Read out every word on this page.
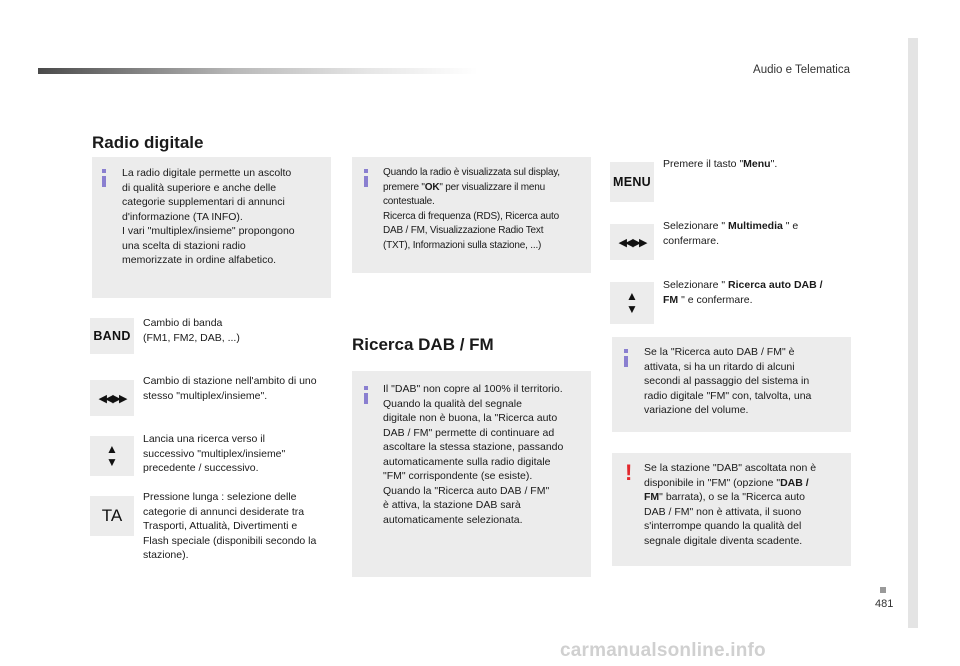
Audio e Telematica
481
carmanualsonline.info
Radio digitale
La radio digitale permette un ascolto
di qualità superiore e anche delle
categorie supplementari di annunci
d'informazione (TA INFO).
I vari "multiplex/insieme" propongono
una scelta di stazioni radio
memorizzate in ordine alfabetico.
BAND
Cambio di banda
(FM1, FM2, DAB, ...)
◀◀ ▶▶
Cambio di stazione nell'ambito di uno
stesso "multiplex/insieme".
▲
▼
Lancia una ricerca verso il
successivo "multiplex/insieme"
precedente / successivo.
TA
Pressione lunga : selezione delle
categorie di annunci desiderate tra
Trasporti, Attualità, Divertimenti e
Flash speciale (disponibili secondo la
stazione).
Quando la radio è visualizzata sul display,
premere "OK" per visualizzare il menu
contestuale.
Ricerca di frequenza (RDS), Ricerca auto
DAB / FM, Visualizzazione Radio Text
(TXT), Informazioni sulla stazione, ...)
Ricerca DAB / FM
Il "DAB" non copre al 100% il territorio.
Quando la qualità del segnale
digitale non è buona, la "Ricerca auto
DAB / FM" permette di continuare ad
ascoltare la stessa stazione, passando
automaticamente sulla radio digitale
"FM" corrispondente (se esiste).
Quando la "Ricerca auto DAB / FM"
è attiva, la stazione DAB sarà
automaticamente selezionata.
MENU
Premere il tasto "Menu".
◀◀ ▶▶
Selezionare " Multimedia " e
confermare.
▲
▼
Selezionare " Ricerca auto DAB /
FM " e confermare.
Se la "Ricerca auto DAB / FM" è
attivata, si ha un ritardo di alcuni
secondi al passaggio del sistema in
radio digitale "FM" con, talvolta, una
variazione del volume.
! Se la stazione "DAB" ascoltata non è
disponibile in "FM" (opzione "DAB /
FM" barrata), o se la "Ricerca auto
DAB / FM" non è attivata, il suono
s'interrompe quando la qualità del
segnale digitale diventa scadente.
